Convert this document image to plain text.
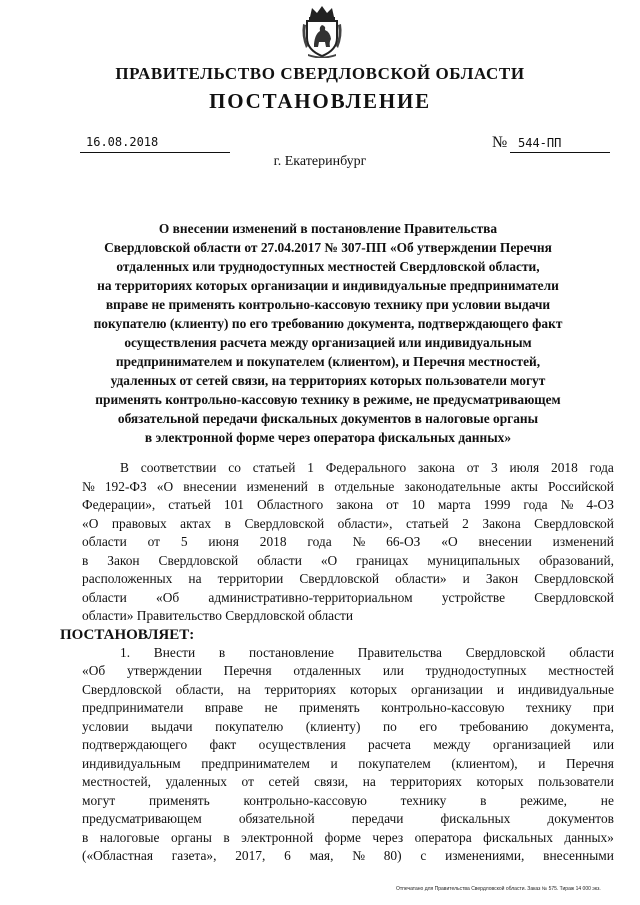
ПРАВИТЕЛЬСТВО СВЕРДЛОВСКОЙ ОБЛАСТИ
ПОСТАНОВЛЕНИЕ
16.08.2018	№ 544-ПП
г. Екатеринбург
О внесении изменений в постановление Правительства
Свердловской области от 27.04.2017 № 307-ПП «Об утверждении Перечня
отдаленных или труднодоступных местностей Свердловской области,
на территориях которых организации и индивидуальные предприниматели
вправе не применять контрольно-кассовую технику при условии выдачи
покупателю (клиенту) по его требованию документа, подтверждающего факт
осуществления расчета между организацией или индивидуальным
предпринимателем и покупателем (клиентом), и Перечня местностей,
удаленных от сетей связи, на территориях которых пользователи могут
применять контрольно-кассовую технику в режиме, не предусматривающем
обязательной передачи фискальных документов в налоговые органы
в электронной форме через оператора фискальных данных»
В соответствии со статьей 1 Федерального закона от 3 июля 2018 года
№ 192-ФЗ «О внесении изменений в отдельные законодательные акты Российской
Федерации», статьей 101 Областного закона от 10 марта 1999 года № 4-ОЗ
«О правовых актах в Свердловской области», статьей 2 Закона Свердловской
области от 5 июня 2018 года № 66-ОЗ «О внесении изменений
в Закон Свердловской области «О границах муниципальных образований,
расположенных на территории Свердловской области» и Закон Свердловской
области «Об административно-территориальном устройстве Свердловской
области» Правительство Свердловской области
ПОСТАНОВЛЯЕТ:
1. Внести в постановление Правительства Свердловской области
«Об утверждении Перечня отдаленных или труднодоступных местностей
Свердловской области, на территориях которых организации и индивидуальные
предприниматели вправе не применять контрольно-кассовую технику при
условии выдачи покупателю (клиенту) по его требованию документа,
подтверждающего факт осуществления расчета между организацией или
индивидуальным предпринимателем и покупателем (клиентом), и Перечня
местностей, удаленных от сетей связи, на территориях которых пользователи
могут	применять	контрольно-кассовую	технику	в	режиме,	не
предусматривающем	обязательной	передачи	фискальных	документов
в налоговые органы в электронной форме через оператора фискальных данных»
(«Областная газета», 2017, 6 мая, № 80) с изменениями, внесенными
Отпечатано для Правительства Свердловской области. Заказ № 575. Тираж 14 000 экз.
